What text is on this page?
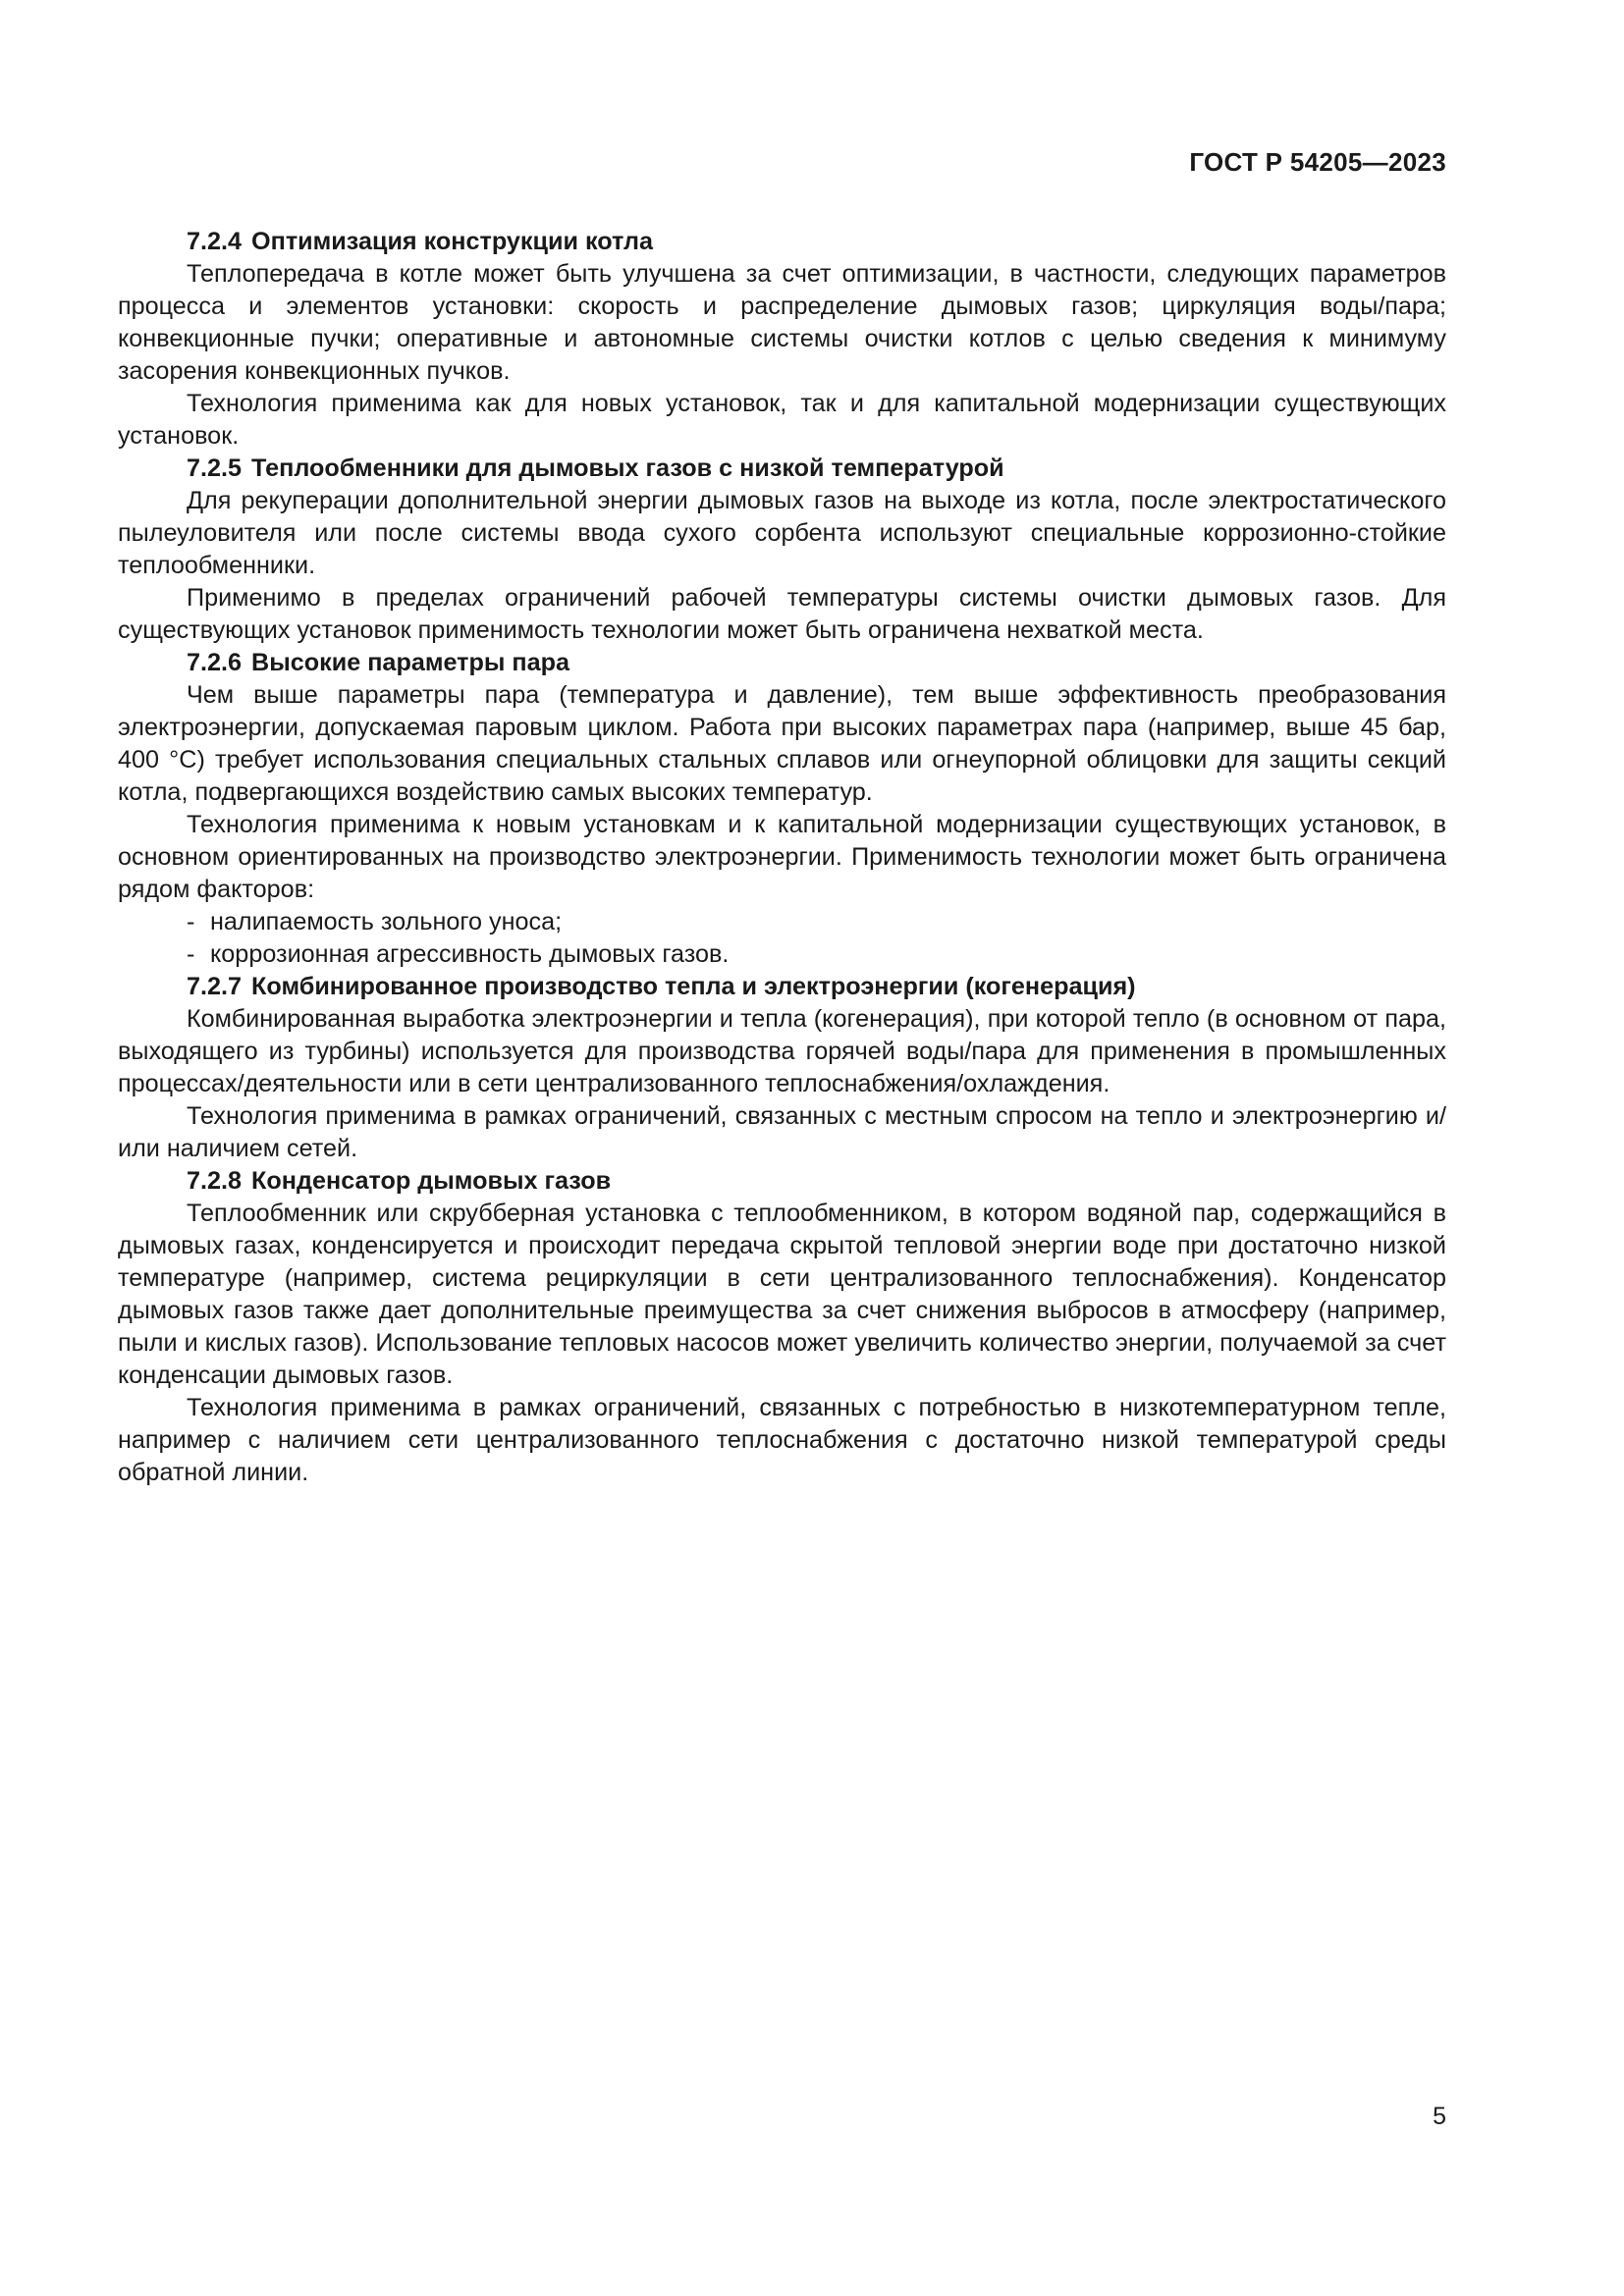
ГОСТ Р 54205—2023

7.2.4 Оптимизация конструкции котла

Теплопередача в котле может быть улучшена за счет оптимизации, в частности, следующих параметров процесса и элементов установки: скорость и распределение дымовых газов; циркуляция воды/пара; конвекционные пучки; оперативные и автономные системы очистки котлов с целью сведения к минимуму засорения конвекционных пучков.

Технология применима как для новых установок, так и для капитальной модернизации существующих установок.

7.2.5 Теплообменники для дымовых газов с низкой температурой

Для рекуперации дополнительной энергии дымовых газов на выходе из котла, после электростатического пылеуловителя или после системы ввода сухого сорбента используют специальные коррозионно-стойкие теплообменники.

Применимо в пределах ограничений рабочей температуры системы очистки дымовых газов. Для существующих установок применимость технологии может быть ограничена нехваткой места.

7.2.6 Высокие параметры пара

Чем выше параметры пара (температура и давление), тем выше эффективность преобразования электроэнергии, допускаемая паровым циклом. Работа при высоких параметрах пара (например, выше 45 бар, 400 °C) требует использования специальных стальных сплавов или огнеупорной облицовки для защиты секций котла, подвергающихся воздействию самых высоких температур.

Технология применима к новым установкам и к капитальной модернизации существующих установок, в основном ориентированных на производство электроэнергии. Применимость технологии может быть ограничена рядом факторов:

- налипаемость зольного уноса;

- коррозионная агрессивность дымовых газов.

7.2.7 Комбинированное производство тепла и электроэнергии (когенерация)

Комбинированная выработка электроэнергии и тепла (когенерация), при которой тепло (в основном от пара, выходящего из турбины) используется для производства горячей воды/пара для применения в промышленных процессах/деятельности или в сети централизованного теплоснабжения/охлаждения.

Технология применима в рамках ограничений, связанных с местным спросом на тепло и электроэнергию и/или наличием сетей.

7.2.8 Конденсатор дымовых газов

Теплообменник или скрубберная установка с теплообменником, в котором водяной пар, содержащийся в дымовых газах, конденсируется и происходит передача скрытой тепловой энергии воде при достаточно низкой температуре (например, система рециркуляции в сети централизованного теплоснабжения). Конденсатор дымовых газов также дает дополнительные преимущества за счет снижения выбросов в атмосферу (например, пыли и кислых газов). Использование тепловых насосов может увеличить количество энергии, получаемой за счет конденсации дымовых газов.

Технология применима в рамках ограничений, связанных с потребностью в низкотемпературном тепле, например с наличием сети централизованного теплоснабжения с достаточно низкой температурой среды обратной линии.

5
